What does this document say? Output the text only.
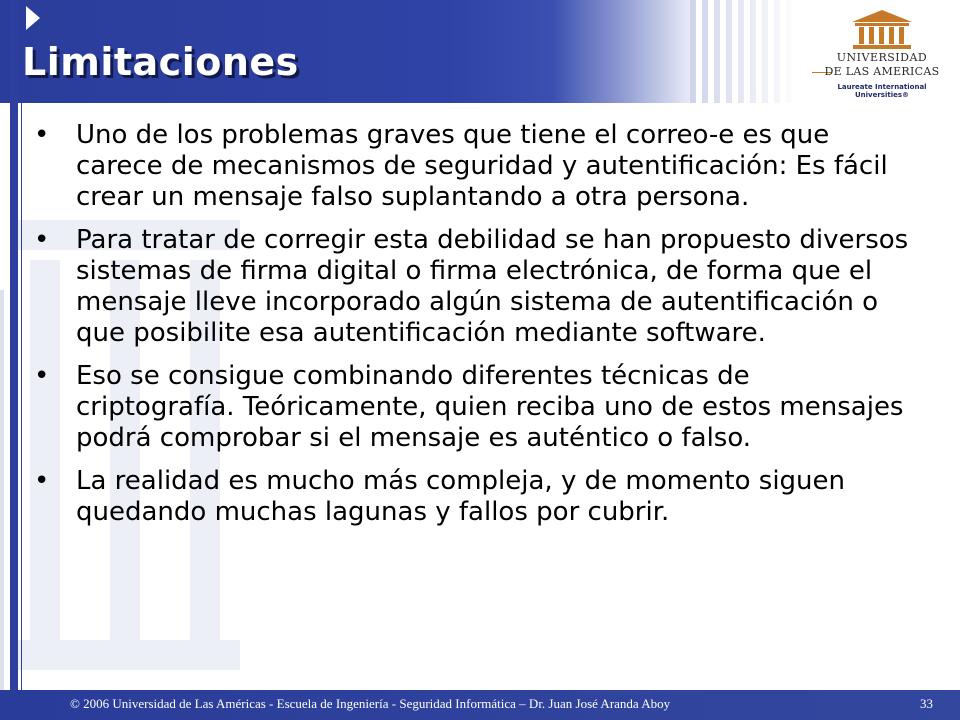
Limitaciones	UNIVERSIDAD
DE LAS AMERICAS
Laureate International Universities®
• Uno de los problemas graves que tiene el correo-e es que carece de mecanismos de seguridad y autentificación: Es fácil crear un mensaje falso suplantando a otra persona.
• Para tratar de corregir esta debilidad se han propuesto diversos sistemas de firma digital o firma electrónica, de forma que el mensaje lleve incorporado algún sistema de autentificación o que posibilite esa autentificación mediante software.
• Eso se consigue combinando diferentes técnicas de criptografía. Teóricamente, quien reciba uno de estos mensajes podrá comprobar si el mensaje es auténtico o falso.
• La realidad es mucho más compleja, y de momento siguen quedando muchas lagunas y fallos por cubrir.
© 2006 Universidad de Las Américas - Escuela de Ingeniería - Seguridad Informática – Dr. Juan José Aranda Aboy	33
